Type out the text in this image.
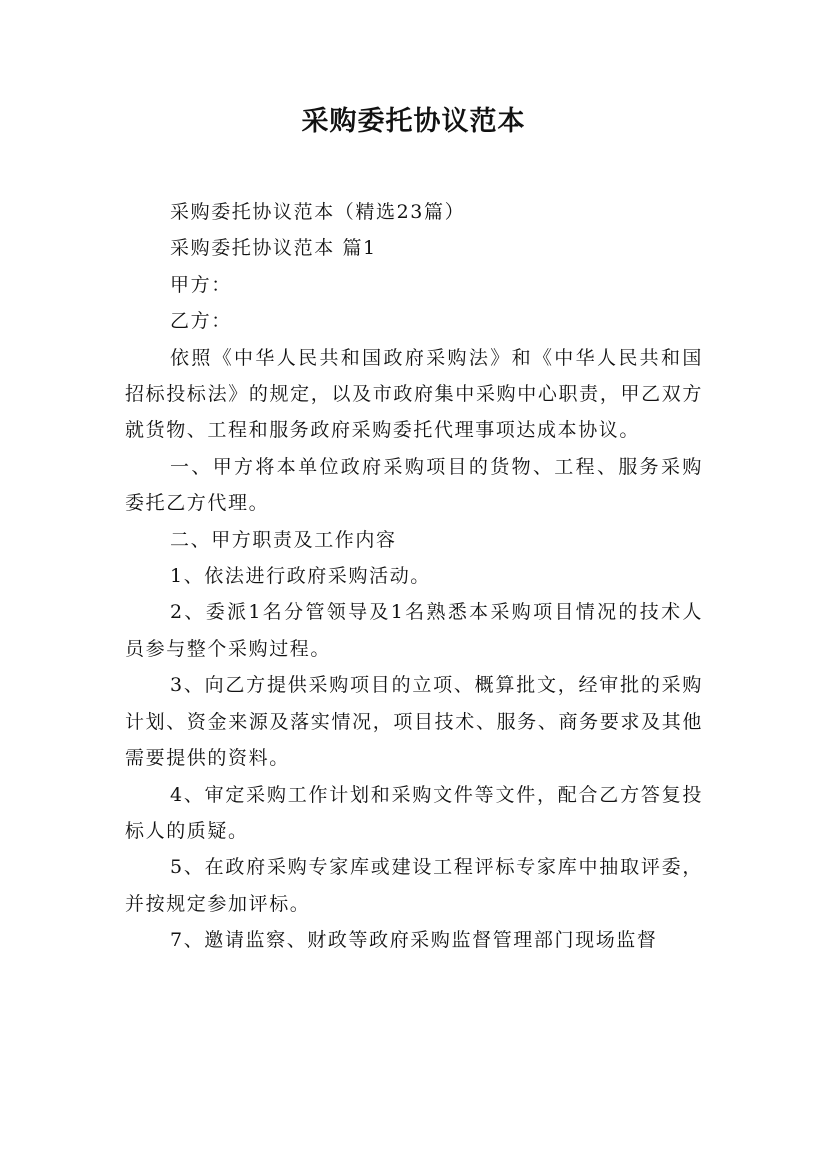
采购委托协议范本

采购委托协议范本（精选23篇）

采购委托协议范本 篇1

甲方：

乙方：

依照《中华人民共和国政府采购法》和《中华人民共和国招标投标法》的规定，以及市政府集中采购中心职责，甲乙双方就货物、工程和服务政府采购委托代理事项达成本协议。

一、甲方将本单位政府采购项目的货物、工程、服务采购委托乙方代理。

二、甲方职责及工作内容

1、依法进行政府采购活动。

2、委派1名分管领导及1名熟悉本采购项目情况的技术人员参与整个采购过程。

3、向乙方提供采购项目的立项、概算批文，经审批的采购计划、资金来源及落实情况，项目技术、服务、商务要求及其他需要提供的资料。

4、审定采购工作计划和采购文件等文件，配合乙方答复投标人的质疑。

5、在政府采购专家库或建设工程评标专家库中抽取评委，并按规定参加评标。

7、邀请监察、财政等政府采购监督管理部门现场监督
